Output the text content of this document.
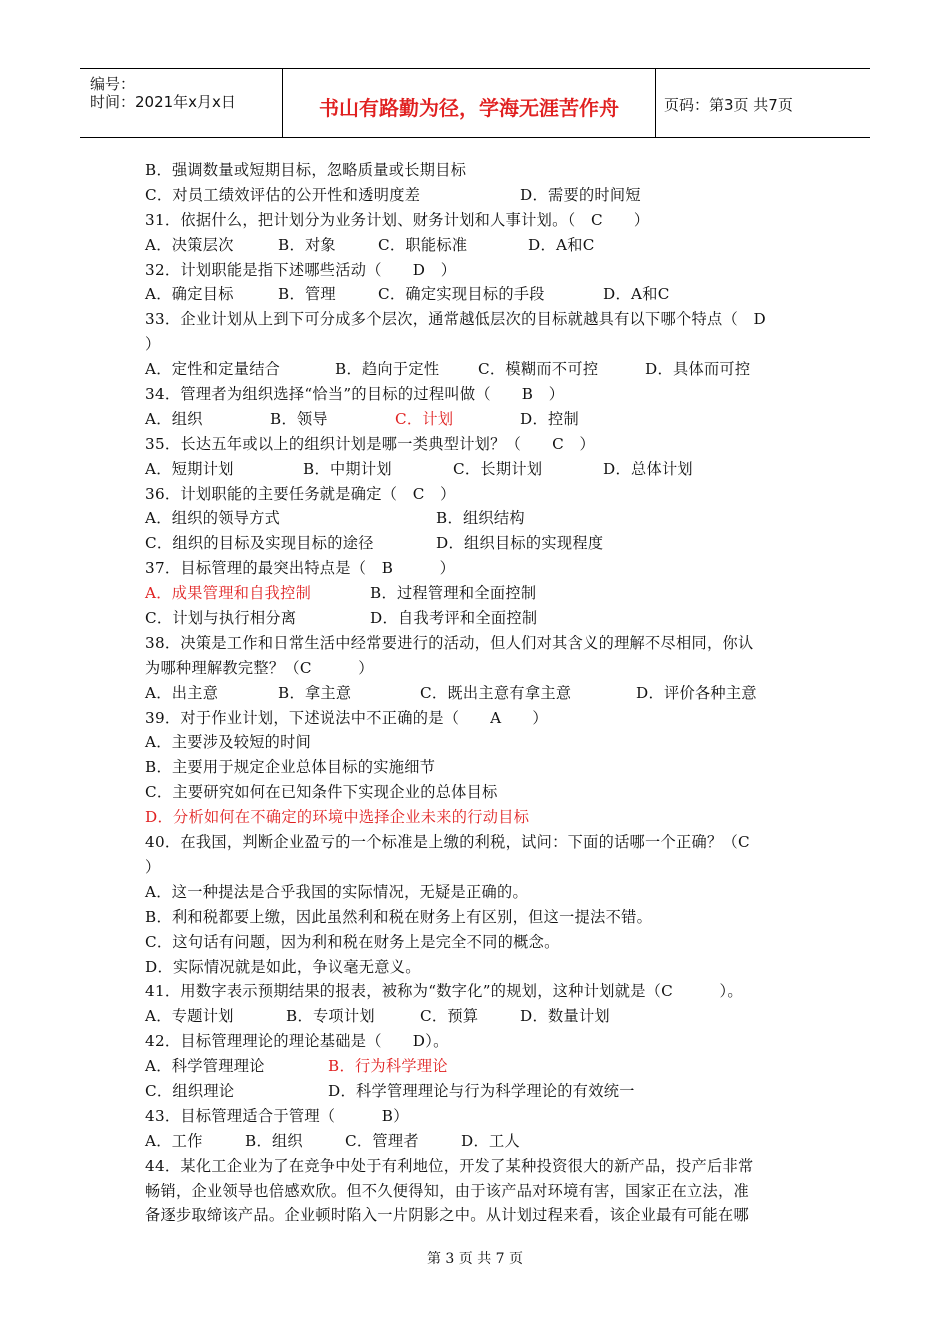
编号：
时间：2021年x月x日	书山有路勤为径，学海无涯苦作舟	页码：第3页 共7页
B．强调数量或短期目标，忽略质量或长期目标
C．对员工绩效评估的公开性和透明度差	D．需要的时间短
31．依据什么，把计划分为业务计划、财务计划和人事计划。（　C　　）
A．决策层次	B．对象	C．职能标准	D．A和C
32．计划职能是指下述哪些活动（　　D　）
A．确定目标	B．管理	C．确定实现目标的手段	D．A和C
33．企业计划从上到下可分成多个层次，通常越低层次的目标就越具有以下哪个特点（　D
）
A．定性和定量结合	B．趋向于定性	C．模糊而不可控	D．具体而可控
34．管理者为组织选择“恰当”的目标的过程叫做（　　B　）
A．组织	B．领导	C．计划	D．控制
35．长达五年或以上的组织计划是哪一类典型计划？（　　C　）
A．短期计划	B．中期计划	C．长期计划	D．总体计划
36．计划职能的主要任务就是确定（　C　）
A．组织的领导方式	B．组织结构
C．组织的目标及实现目标的途径	D．组织目标的实现程度
37．目标管理的最突出特点是（　B　　　）
A．成果管理和自我控制	B．过程管理和全面控制
C．计划与执行相分离	D．自我考评和全面控制
38．决策是工作和日常生活中经常要进行的活动，但人们对其含义的理解不尽相同，你认
为哪种理解教完整？（C　　　）
A．出主意	B．拿主意	C．既出主意有拿主意	D．评价各种主意
39．对于作业计划，下述说法中不正确的是（　　A　　）
A．主要涉及较短的时间
B．主要用于规定企业总体目标的实施细节
C．主要研究如何在已知条件下实现企业的总体目标
D．分析如何在不确定的环境中选择企业未来的行动目标
40．在我国，判断企业盈亏的一个标准是上缴的利税，试问：下面的话哪一个正确？（C
）
A．这一种提法是合乎我国的实际情况，无疑是正确的。
B．利和税都要上缴，因此虽然利和税在财务上有区别，但这一提法不错。
C．这句话有问题，因为利和税在财务上是完全不同的概念。
D．实际情况就是如此，争议毫无意义。
41．用数字表示预期结果的报表，被称为“数字化”的规划，这种计划就是（C　　　）。
A．专题计划	B．专项计划	C．预算	D．数量计划
42．目标管理理论的理论基础是（　　D）。
A．科学管理理论	B．行为科学理论
C．组织理论	D．科学管理理论与行为科学理论的有效统一
43．目标管理适合于管理（　　　B）
A．工作	B．组织	C．管理者	D．工人
44．某化工企业为了在竞争中处于有利地位，开发了某种投资很大的新产品，投产后非常
畅销，企业领导也倍感欢欣。但不久便得知，由于该产品对环境有害，国家正在立法，准
备逐步取缔该产品。企业顿时陷入一片阴影之中。从计划过程来看，该企业最有可能在哪
第 3 页 共 7 页
